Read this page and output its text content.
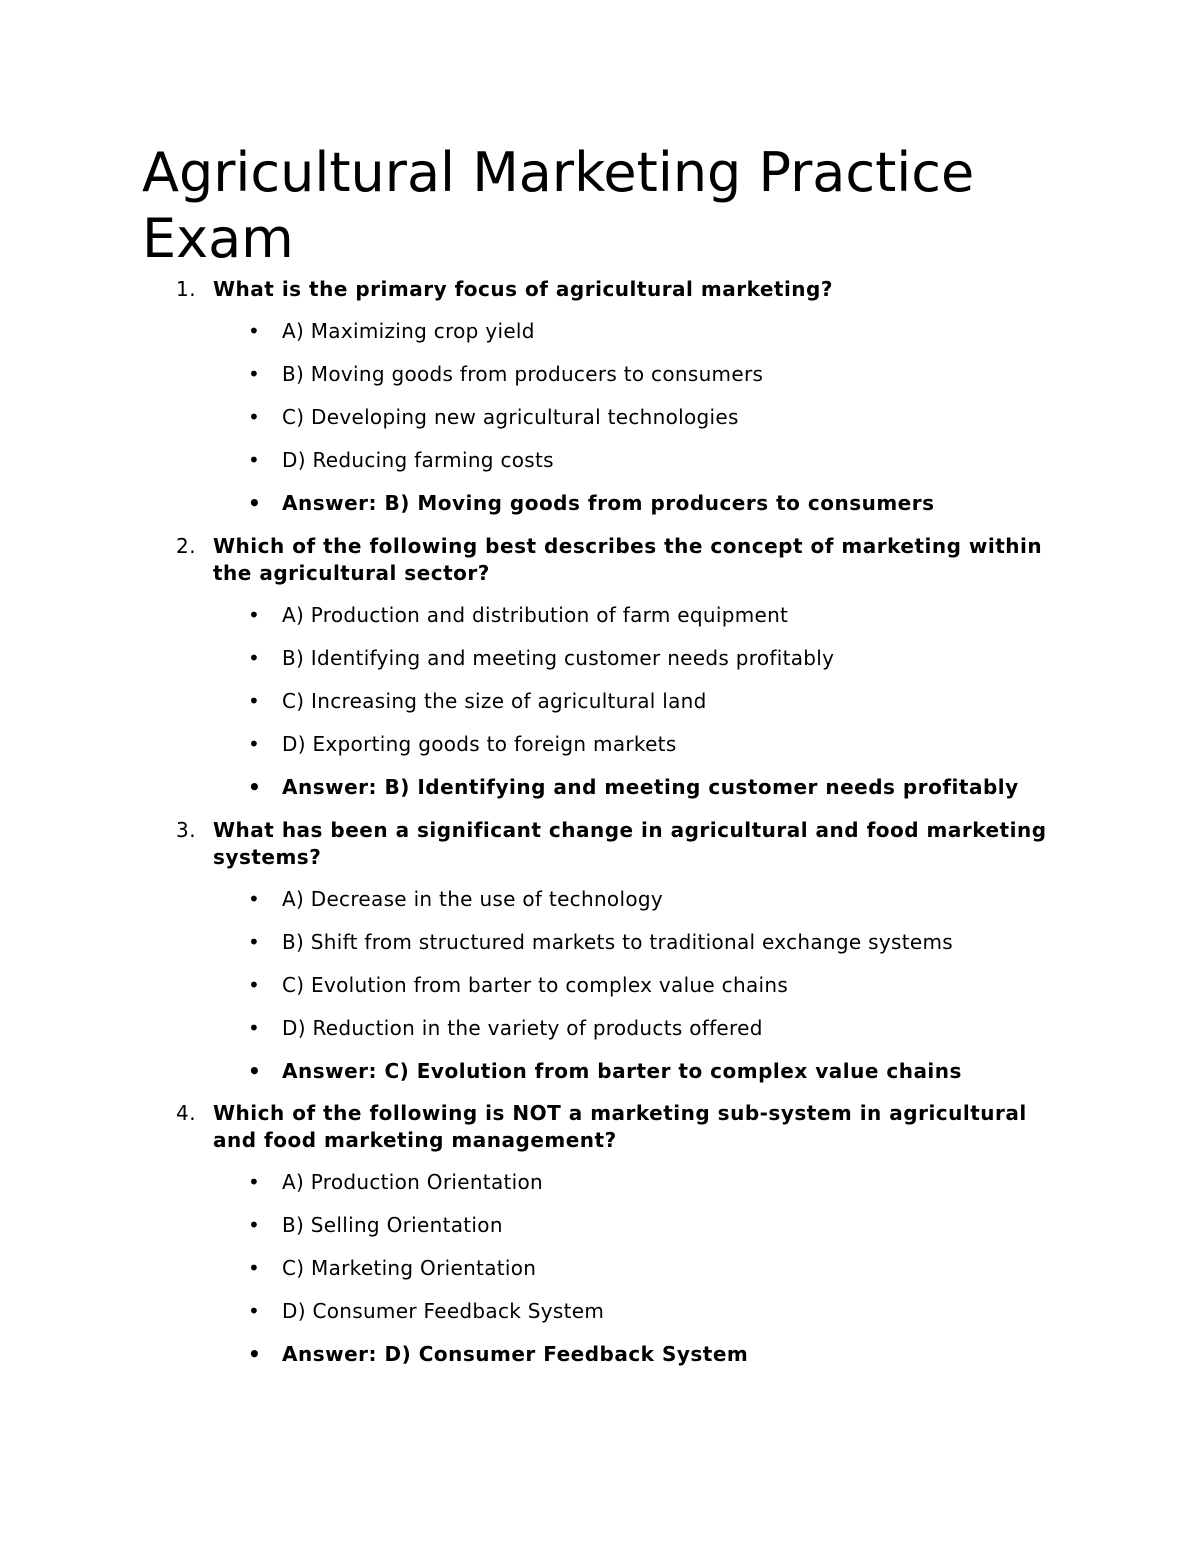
Agricultural Marketing Practice Exam
1. What is the primary focus of agricultural marketing?
• A) Maximizing crop yield
• B) Moving goods from producers to consumers
• C) Developing new agricultural technologies
• D) Reducing farming costs
• Answer: B) Moving goods from producers to consumers
2. Which of the following best describes the concept of marketing within the agricultural sector?
• A) Production and distribution of farm equipment
• B) Identifying and meeting customer needs profitably
• C) Increasing the size of agricultural land
• D) Exporting goods to foreign markets
• Answer: B) Identifying and meeting customer needs profitably
3. What has been a significant change in agricultural and food marketing systems?
• A) Decrease in the use of technology
• B) Shift from structured markets to traditional exchange systems
• C) Evolution from barter to complex value chains
• D) Reduction in the variety of products offered
• Answer: C) Evolution from barter to complex value chains
4. Which of the following is NOT a marketing sub-system in agricultural and food marketing management?
• A) Production Orientation
• B) Selling Orientation
• C) Marketing Orientation
• D) Consumer Feedback System
• Answer: D) Consumer Feedback System
